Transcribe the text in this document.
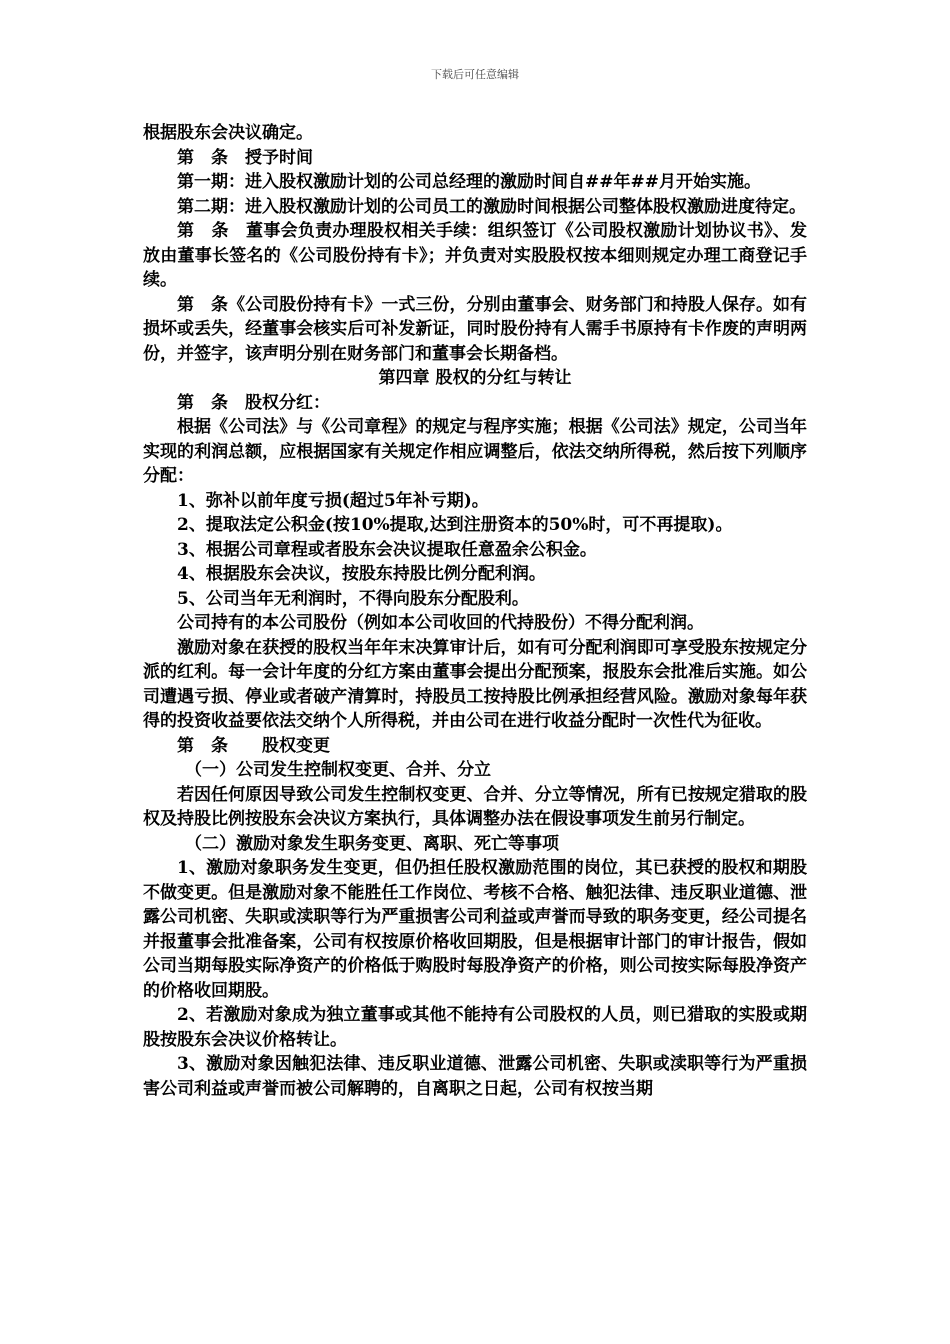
下载后可任意编辑

根据股东会决议确定。

第　条　授予时间

第一期：进入股权激励计划的公司总经理的激励时间自##年##月开始实施。

第二期：进入股权激励计划的公司员工的激励时间根据公司整体股权激励进度待定。

第　条　董事会负责办理股权相关手续：组织签订《公司股权激励计划协议书》、发放由董事长签名的《公司股份持有卡》；并负责对实股股权按本细则规定办理工商登记手续。

第　条《公司股份持有卡》一式三份，分别由董事会、财务部门和持股人保存。如有损坏或丢失，经董事会核实后可补发新证，同时股份持有人需手书原持有卡作废的声明两份，并签字，该声明分别在财务部门和董事会长期备档。

第四章 股权的分红与转让

第　条　股权分红：

根据《公司法》与《公司章程》的规定与程序实施；根据《公司法》规定，公司当年实现的利润总额，应根据国家有关规定作相应调整后，依法交纳所得税，然后按下列顺序分配：

1、弥补以前年度亏损(超过5年补亏期)。

2、提取法定公积金(按10%提取,达到注册资本的50%时，可不再提取)。

3、根据公司章程或者股东会决议提取任意盈余公积金。

4、根据股东会决议，按股东持股比例分配利润。

5、公司当年无利润时，不得向股东分配股利。

公司持有的本公司股份（例如本公司收回的代持股份）不得分配利润。

激励对象在获授的股权当年年末决算审计后，如有可分配利润即可享受股东按规定分派的红利。每一会计年度的分红方案由董事会提出分配预案，报股东会批准后实施。如公司遭遇亏损、停业或者破产清算时，持股员工按持股比例承担经营风险。激励对象每年获得的投资收益要依法交纳个人所得税，并由公司在进行收益分配时一次性代为征收。

第　条　　股权变更

（一）公司发生控制权变更、合并、分立

若因任何原因导致公司发生控制权变更、合并、分立等情况，所有已按规定猎取的股权及持股比例按股东会决议方案执行，具体调整办法在假设事项发生前另行制定。

（二）激励对象发生职务变更、离职、死亡等事项

1、激励对象职务发生变更，但仍担任股权激励范围的岗位，其已获授的股权和期股不做变更。但是激励对象不能胜任工作岗位、考核不合格、触犯法律、违反职业道德、泄露公司机密、失职或渎职等行为严重损害公司利益或声誉而导致的职务变更，经公司提名并报董事会批准备案，公司有权按原价格收回期股，但是根据审计部门的审计报告，假如公司当期每股实际净资产的价格低于购股时每股净资产的价格，则公司按实际每股净资产的价格收回期股。

2、若激励对象成为独立董事或其他不能持有公司股权的人员，则已猎取的实股或期股按股东会决议价格转让。

3、激励对象因触犯法律、违反职业道德、泄露公司机密、失职或渎职等行为严重损害公司利益或声誉而被公司解聘的，自离职之日起，公司有权按当期
